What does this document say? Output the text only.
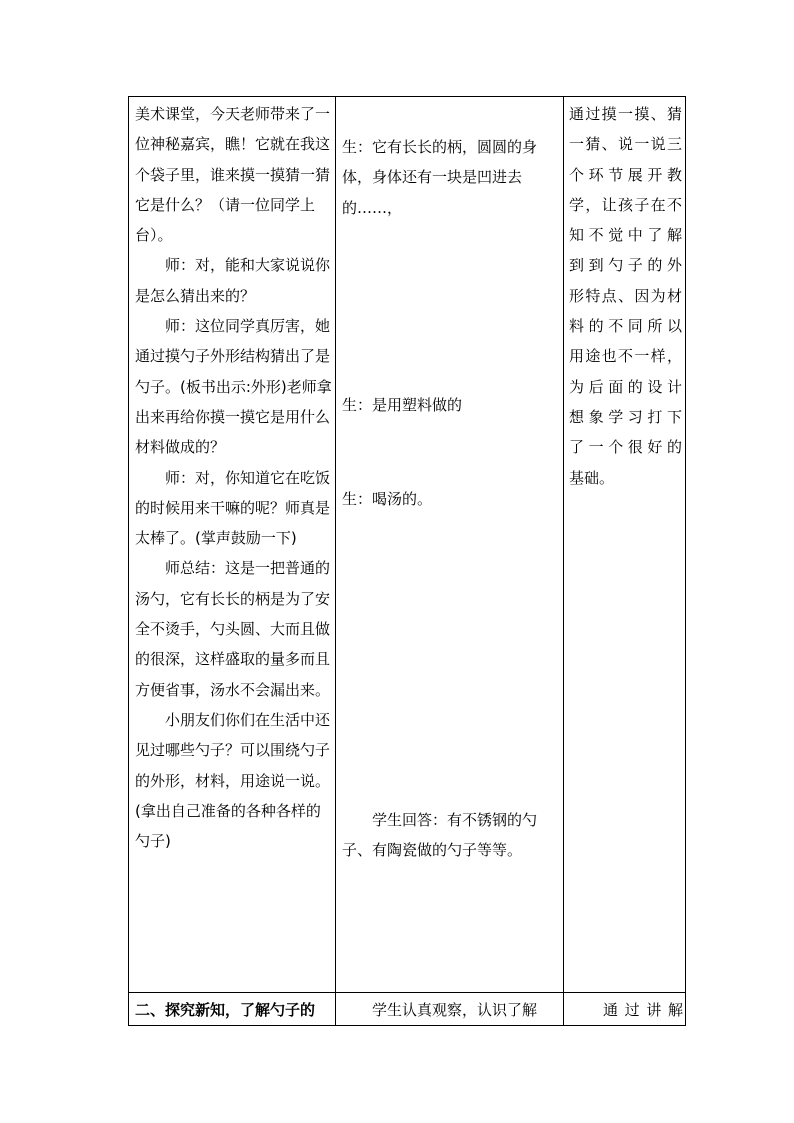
美术课堂，今天老师带来了一位神秘嘉宾，瞧！它就在我这个袋子里，谁来摸一摸猜一猜它是什么？（请一位同学上台）。
师：对，能和大家说说你是怎么猜出来的？
师：这位同学真厉害，她通过摸勺子外形结构猜出了是勺子。(板书出示:外形)老师拿出来再给你摸一摸它是用什么材料做成的？
师：对，你知道它在吃饭的时候用来干嘛的呢？师真是太棒了。(掌声鼓励一下)
师总结：这是一把普通的汤勺，它有长长的柄是为了安全不烫手，勺头圆、大而且做的很深，这样盛取的量多而且方便省事，汤水不会漏出来。
小朋友们你们在生活中还见过哪些勺子？可以围绕勺子的外形，材料，用途说一说。(拿出自己准备的各种各样的勺子)
生：它有长长的柄，圆圆的身体，身体还有一块是凹进去的……，
生：是用塑料做的
生：喝汤的。
学生回答：有不锈钢的勺子、有陶瓷做的勺子等等。
通过摸一摸、猜
一猜、说一说三
个环节展开教
学，让孩子在不
知不觉中了解
到到勺子的外
形特点、因为材
料的不同所以
用途也不一样，
为后面的设计
想象学习打下
了一个很好的
基础。
二、探究新知，了解勺子的	学生认真观察，认识了解	通过讲解
